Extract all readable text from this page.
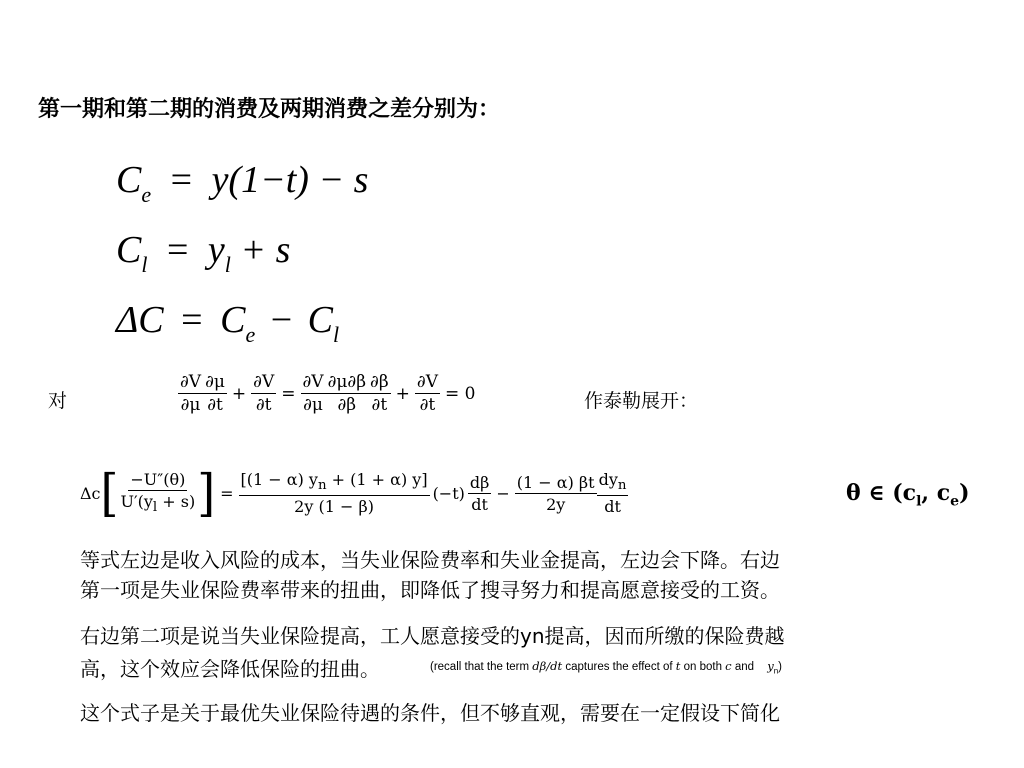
第一期和第二期的消费及两期消费之差分别为：
$C_e = y(1-t) - s$
$C_l = y_l + s$
$\Delta C = C_e - C_l$
对	$\frac{\partial V}{\partial\mu} \frac{\partial\mu}{\partial t} + \frac{\partial V}{\partial t} = \frac{\partial V}{\partial\mu} \frac{\partial\mu\partial\beta}{\partial\beta} \frac{\partial\beta}{\partial t} + \frac{\partial V}{\partial t} = 0$	作泰勒展开：
Δc [ $\frac{-U''(\theta)}{U'(y_l + s)}$ ] = $\frac{[(1 - \alpha) y_n + (1 + \alpha) y]}{2y (1 - \beta)} (-t) \frac{d\beta}{dt} - \frac{(1 - \alpha) \beta t}{2y} \frac{dy_n}{dt}$	θ ∈ ($c_l$, $c_e$)
等式左边是收入风险的成本，当失业保险费率和失业金提高，左边会下降。右边
第一项是失业保险费率带来的扭曲，即降低了搜寻努力和提高愿意接受的工资。
右边第二项是说当失业保险提高，工人愿意接受的yn提高，因而所缴的保险费越
高，这个效应会降低保险的扭曲。	(recall that the term dβ/dt captures the effect of t on both c and $y_n$)
这个式子是关于最优失业保险待遇的条件，但不够直观，需要在一定假设下简化
